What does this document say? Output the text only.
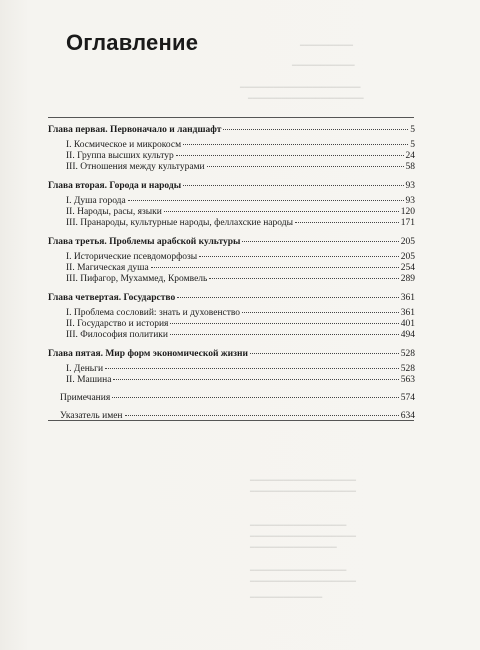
━━━━━━━━━━━
━━━━━━━━━━━━━
━━━━━━━━━━━━━━━━━━━━━━━━━
━━━━━━━━━━━━━━━━━━━━━━━━
━━━━━━━━━━━━━━━━━━━━━━
━━━━━━━━━━━━━━━━━━━━━━
━━━━━━━━━━━━━━━━━━━━
━━━━━━━━━━━━━━━━━━━━━━
━━━━━━━━━━━━━━━━━━
━━━━━━━━━━━━━━━━━━━━
━━━━━━━━━━━━━━━━━━━━━━
━━━━━━━━━━━━━━━
Оглавление
Глава первая. Первоначало и ландшафт	5
I. Космическое и микрокосм	5
II. Группа высших культур	24
III. Отношения между культурами	58
Глава вторая. Города и народы	93
I. Душа города	93
II. Народы, расы, языки	120
III. Пранароды, культурные народы, феллахские народы	171
Глава третья. Проблемы арабской культуры	205
I. Исторические псевдоморфозы	205
II. Магическая душа	254
III. Пифагор, Мухаммед, Кромвель	289
Глава четвертая. Государство	361
I. Проблема сословий: знать и духовенство	361
II. Государство и история	401
III. Философия политики	494
Глава пятая. Мир форм экономической жизни	528
I. Деньги	528
II. Машина	563
Примечания	574
Указатель имен	634
